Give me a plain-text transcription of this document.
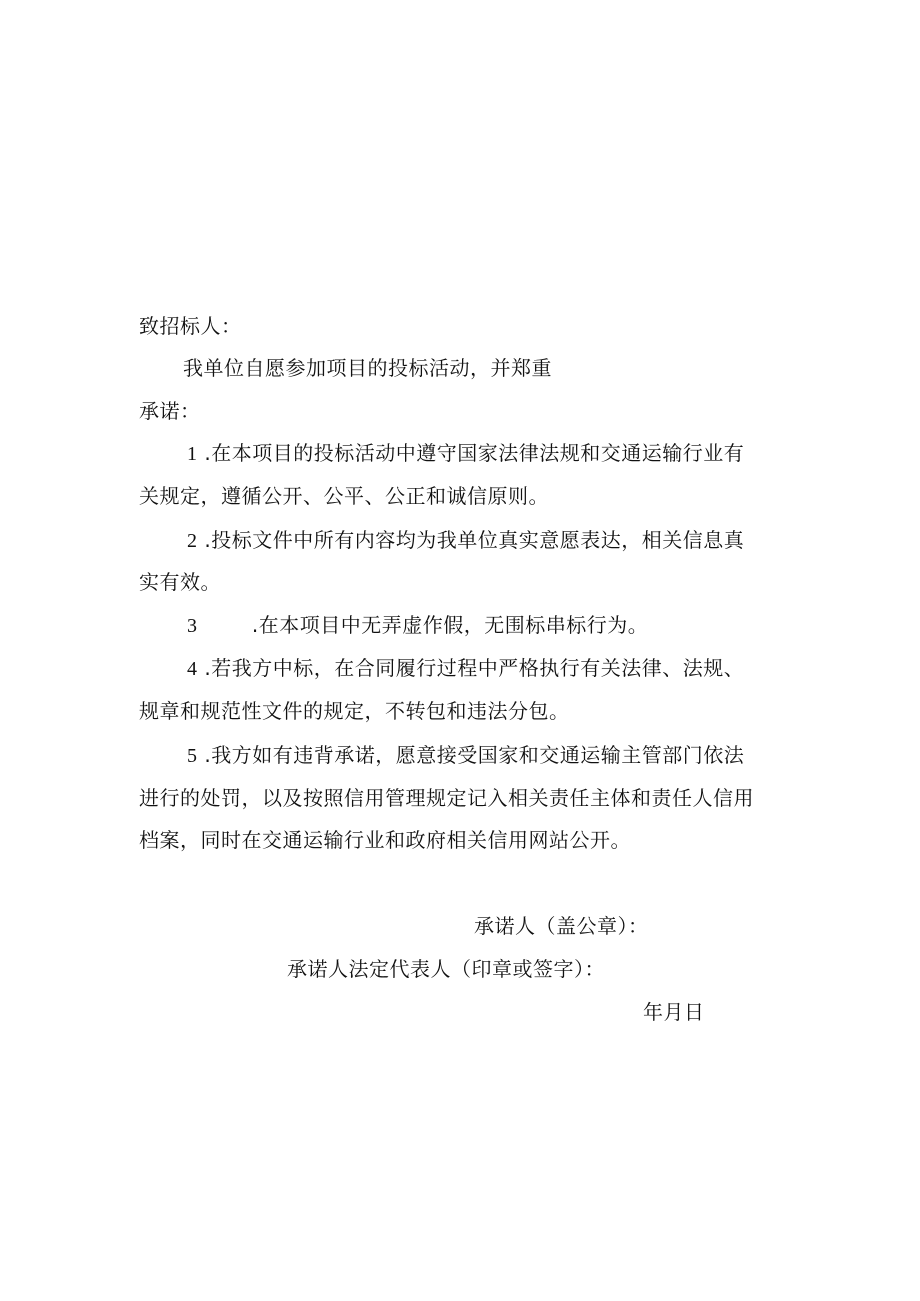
致招标人：
我单位自愿参加项目的投标活动，并郑重
承诺：
1 .在本项目的投标活动中遵守国家法律法规和交通运输行业有
关规定，遵循公开、公平、公正和诚信原则。
2 .投标文件中所有内容均为我单位真实意愿表达，相关信息真
实有效。
3	.在本项目中无弄虚作假，无围标串标行为。
4 .若我方中标，在合同履行过程中严格执行有关法律、法规、
规章和规范性文件的规定，不转包和违法分包。
5 .我方如有违背承诺，愿意接受国家和交通运输主管部门依法
进行的处罚，以及按照信用管理规定记入相关责任主体和责任人信用
档案，同时在交通运输行业和政府相关信用网站公开。
承诺人（盖公章）：
承诺人法定代表人（印章或签字）：
年月日
